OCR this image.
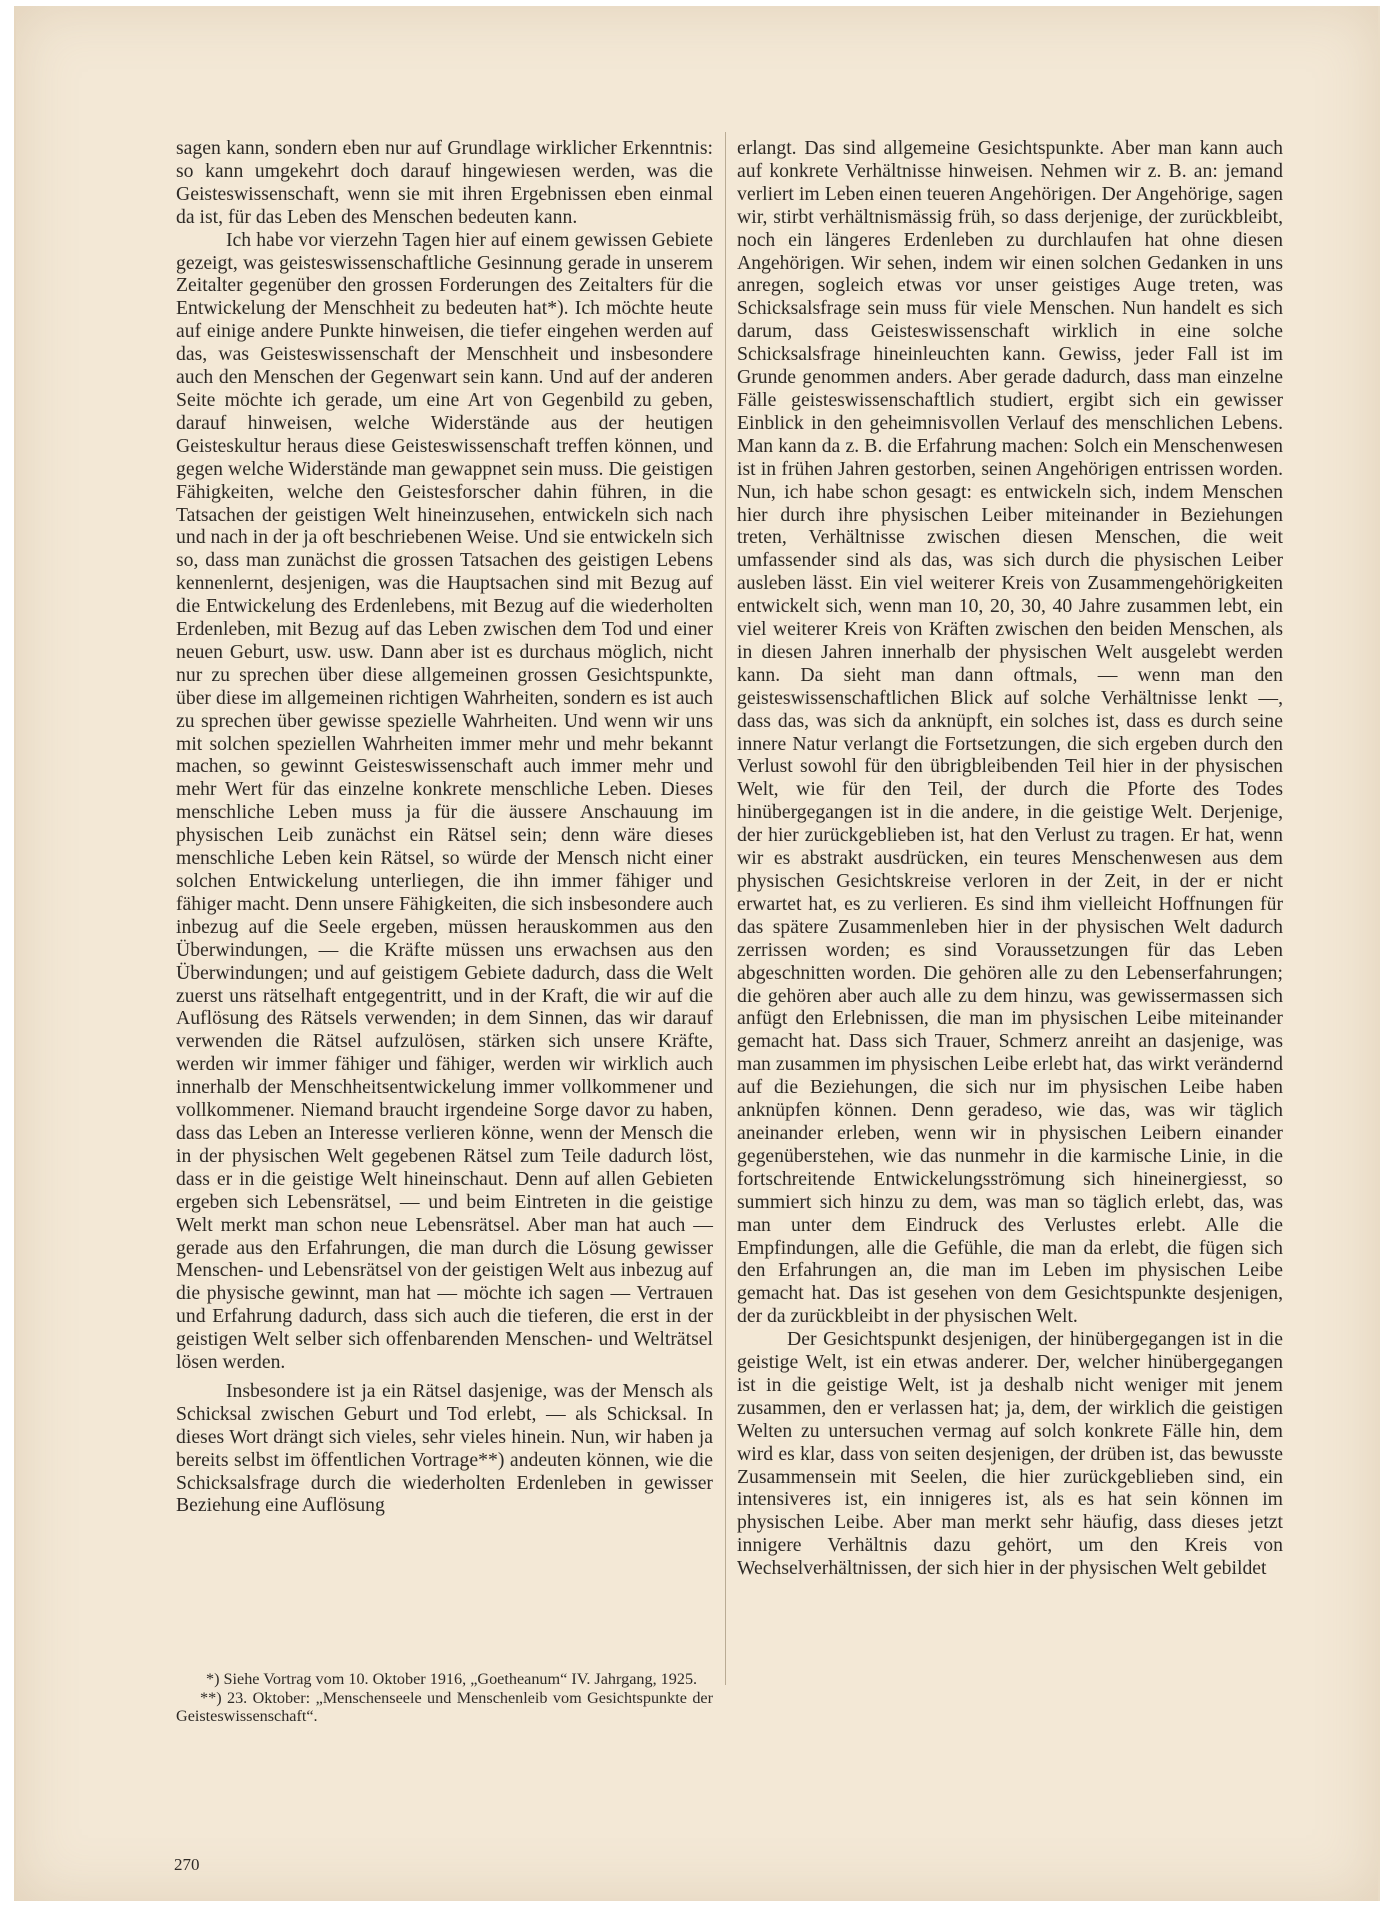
sagen kann, sondern eben nur auf Grundlage wirklicher Erkenntnis: so kann umgekehrt doch darauf hingewiesen werden, was die Geisteswissenschaft, wenn sie mit ihren Ergebnissen eben einmal da ist, für das Leben des Menschen bedeuten kann.

Ich habe vor vierzehn Tagen hier auf einem gewissen Gebiete gezeigt, was geisteswissenschaftliche Gesinnung gerade in unserem Zeitalter gegenüber den grossen Forderungen des Zeitalters für die Entwickelung der Menschheit zu bedeuten hat*). Ich möchte heute auf einige andere Punkte hinweisen, die tiefer eingehen werden auf das, was Geisteswissenschaft der Menschheit und insbesondere auch den Menschen der Gegenwart sein kann. Und auf der anderen Seite möchte ich gerade, um eine Art von Gegenbild zu geben, darauf hinweisen, welche Widerstände aus der heutigen Geisteskultur heraus diese Geisteswissenschaft treffen können, und gegen welche Widerstände man gewappnet sein muss. Die geistigen Fähigkeiten, welche den Geistesforscher dahin führen, in die Tatsachen der geistigen Welt hineinzusehen, entwickeln sich nach und nach in der ja oft beschriebenen Weise. Und sie entwickeln sich so, dass man zunächst die grossen Tatsachen des geistigen Lebens kennenlernt, desjenigen, was die Hauptsachen sind mit Bezug auf die Entwickelung des Erdenlebens, mit Bezug auf die wiederholten Erdenleben, mit Bezug auf das Leben zwischen dem Tod und einer neuen Geburt, usw. usw. Dann aber ist es durchaus möglich, nicht nur zu sprechen über diese allgemeinen grossen Gesichtspunkte, über diese im allgemeinen richtigen Wahrheiten, sondern es ist auch zu sprechen über gewisse spezielle Wahrheiten. Und wenn wir uns mit solchen speziellen Wahrheiten immer mehr und mehr bekannt machen, so gewinnt Geisteswissenschaft auch immer mehr und mehr Wert für das einzelne konkrete menschliche Leben. Dieses menschliche Leben muss ja für die äussere Anschauung im physischen Leib zunächst ein Rätsel sein; denn wäre dieses menschliche Leben kein Rätsel, so würde der Mensch nicht einer solchen Entwickelung unterliegen, die ihn immer fähiger und fähiger macht. Denn unsere Fähigkeiten, die sich insbesondere auch inbezug auf die Seele ergeben, müssen herauskommen aus den Überwindungen, — die Kräfte müssen uns erwachsen aus den Überwindungen; und auf geistigem Gebiete dadurch, dass die Welt zuerst uns rätselhaft entgegentritt, und in der Kraft, die wir auf die Auflösung des Rätsels verwenden; in dem Sinnen, das wir darauf verwenden die Rätsel aufzulösen, stärken sich unsere Kräfte, werden wir immer fähiger und fähiger, werden wir wirklich auch innerhalb der Menschheitsentwickelung immer vollkommener und vollkommener. Niemand braucht irgendeine Sorge davor zu haben, dass das Leben an Interesse verlieren könne, wenn der Mensch die in der physischen Welt gegebenen Rätsel zum Teile dadurch löst, dass er in die geistige Welt hineinschaut. Denn auf allen Gebieten ergeben sich Lebensrätsel, — und beim Eintreten in die geistige Welt merkt man schon neue Lebensrätsel. Aber man hat auch — gerade aus den Erfahrungen, die man durch die Lösung gewisser Menschen- und Lebensrätsel von der geistigen Welt aus inbezug auf die physische gewinnt, man hat — möchte ich sagen — Vertrauen und Erfahrung dadurch, dass sich auch die tieferen, die erst in der geistigen Welt selber sich offenbarenden Menschen- und Welträtsel lösen werden.

Insbesondere ist ja ein Rätsel dasjenige, was der Mensch als Schicksal zwischen Geburt und Tod erlebt, — als Schicksal. In dieses Wort drängt sich vieles, sehr vieles hinein. Nun, wir haben ja bereits selbst im öffentlichen Vortrage**) andeuten können, wie die Schicksalsfrage durch die wiederholten Erdenleben in gewisser Beziehung eine Auflösung

*) Siehe Vortrag vom 10. Oktober 1916, „Goetheanum“ IV. Jahrgang, 1925.

**) 23. Oktober: „Menschenseele und Menschenleib vom Gesichtspunkte der Geisteswissenschaft“.

erlangt. Das sind allgemeine Gesichtspunkte. Aber man kann auch auf konkrete Verhältnisse hinweisen. Nehmen wir z. B. an: jemand verliert im Leben einen teueren Angehörigen. Der Angehörige, sagen wir, stirbt verhältnismässig früh, so dass derjenige, der zurückbleibt, noch ein längeres Erdenleben zu durchlaufen hat ohne diesen Angehörigen. Wir sehen, indem wir einen solchen Gedanken in uns anregen, sogleich etwas vor unser geistiges Auge treten, was Schicksalsfrage sein muss für viele Menschen. Nun handelt es sich darum, dass Geisteswissenschaft wirklich in eine solche Schicksalsfrage hineinleuchten kann. Gewiss, jeder Fall ist im Grunde genommen anders. Aber gerade dadurch, dass man einzelne Fälle geisteswissenschaftlich studiert, ergibt sich ein gewisser Einblick in den geheimnisvollen Verlauf des menschlichen Lebens. Man kann da z. B. die Erfahrung machen: Solch ein Menschenwesen ist in frühen Jahren gestorben, seinen Angehörigen entrissen worden. Nun, ich habe schon gesagt: es entwickeln sich, indem Menschen hier durch ihre physischen Leiber miteinander in Beziehungen treten, Verhältnisse zwischen diesen Menschen, die weit umfassender sind als das, was sich durch die physischen Leiber ausleben lässt. Ein viel weiterer Kreis von Zusammengehörigkeiten entwickelt sich, wenn man 10, 20, 30, 40 Jahre zusammen lebt, ein viel weiterer Kreis von Kräften zwischen den beiden Menschen, als in diesen Jahren innerhalb der physischen Welt ausgelebt werden kann. Da sieht man dann oftmals, — wenn man den geisteswissenschaftlichen Blick auf solche Verhältnisse lenkt —, dass das, was sich da anknüpft, ein solches ist, dass es durch seine innere Natur verlangt die Fortsetzungen, die sich ergeben durch den Verlust sowohl für den übrigbleibenden Teil hier in der physischen Welt, wie für den Teil, der durch die Pforte des Todes hinübergegangen ist in die andere, in die geistige Welt. Derjenige, der hier zurückgeblieben ist, hat den Verlust zu tragen. Er hat, wenn wir es abstrakt ausdrücken, ein teures Menschenwesen aus dem physischen Gesichtskreise verloren in der Zeit, in der er nicht erwartet hat, es zu verlieren. Es sind ihm vielleicht Hoffnungen für das spätere Zusammenleben hier in der physischen Welt dadurch zerrissen worden; es sind Voraussetzungen für das Leben abgeschnitten worden. Die gehören alle zu den Lebenserfahrungen; die gehören aber auch alle zu dem hinzu, was gewissermassen sich anfügt den Erlebnissen, die man im physischen Leibe miteinander gemacht hat. Dass sich Trauer, Schmerz anreiht an dasjenige, was man zusammen im physischen Leibe erlebt hat, das wirkt verändernd auf die Beziehungen, die sich nur im physischen Leibe haben anknüpfen können. Denn geradeso, wie das, was wir täglich aneinander erleben, wenn wir in physischen Leibern einander gegenüberstehen, wie das nunmehr in die karmische Linie, in die fortschreitende Entwickelungsströmung sich hineinergiesst, so summiert sich hinzu zu dem, was man so täglich erlebt, das, was man unter dem Eindruck des Verlustes erlebt. Alle die Empfindungen, alle die Gefühle, die man da erlebt, die fügen sich den Erfahrungen an, die man im Leben im physischen Leibe gemacht hat. Das ist gesehen von dem Gesichtspunkte desjenigen, der da zurückbleibt in der physischen Welt.

Der Gesichtspunkt desjenigen, der hinübergegangen ist in die geistige Welt, ist ein etwas anderer. Der, welcher hinübergegangen ist in die geistige Welt, ist ja deshalb nicht weniger mit jenem zusammen, den er verlassen hat; ja, dem, der wirklich die geistigen Welten zu untersuchen vermag auf solch konkrete Fälle hin, dem wird es klar, dass von seiten desjenigen, der drüben ist, das bewusste Zusammensein mit Seelen, die hier zurückgeblieben sind, ein intensiveres ist, ein innigeres ist, als es hat sein können im physischen Leibe. Aber man merkt sehr häufig, dass dieses jetzt innigere Verhältnis dazu gehört, um den Kreis von Wechselverhältnissen, der sich hier in der physischen Welt gebildet

270
